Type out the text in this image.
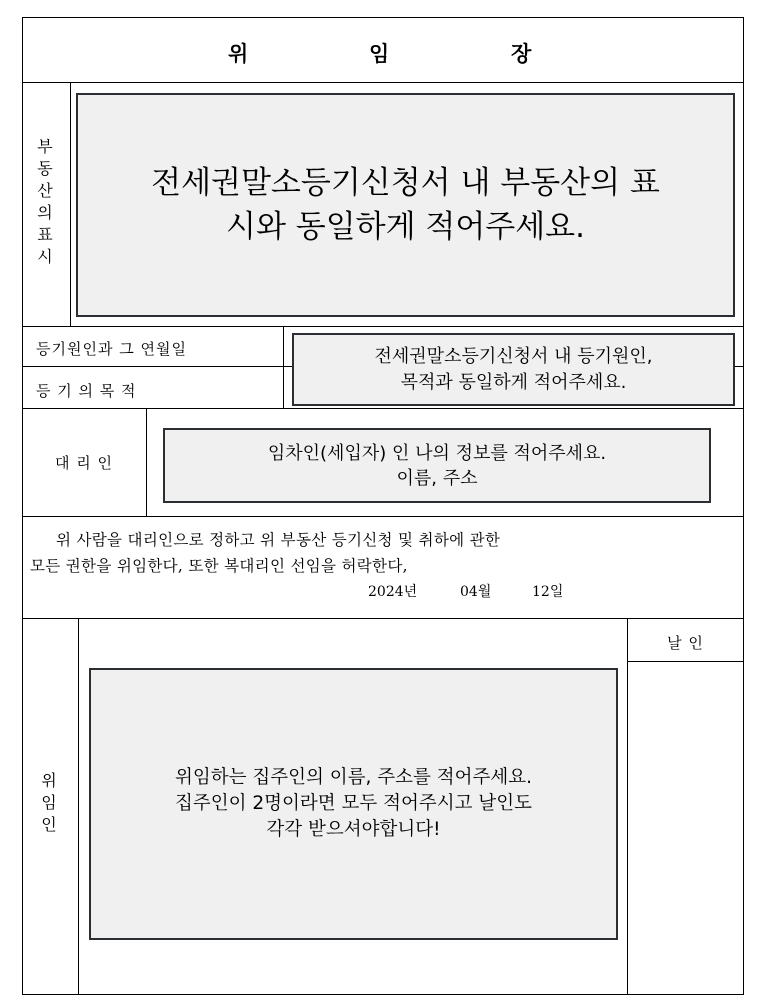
위	임	장
부
동
산
의
표
시
전세권말소등기신청서 내 부동산의 표
시와 동일하게 적어주세요.
등기원인과 그 연월일
등 기 의 목 적
전세권말소등기신청서 내 등기원인,
목적과 동일하게 적어주세요.
대 리 인	임차인(세입자) 인 나의 정보를 적어주세요.
이름, 주소
위 사람을 대리인으로 정하고 위 부동산 등기신청 및 취하에 관한
모든 권한을 위임한다, 또한 복대리인 선임을 허락한다,
2024년	04월	12일
위
임
인
날 인
위임하는 집주인의 이름, 주소를 적어주세요.
집주인이 2명이라면 모두 적어주시고 날인도
각각 받으셔야합니다!
